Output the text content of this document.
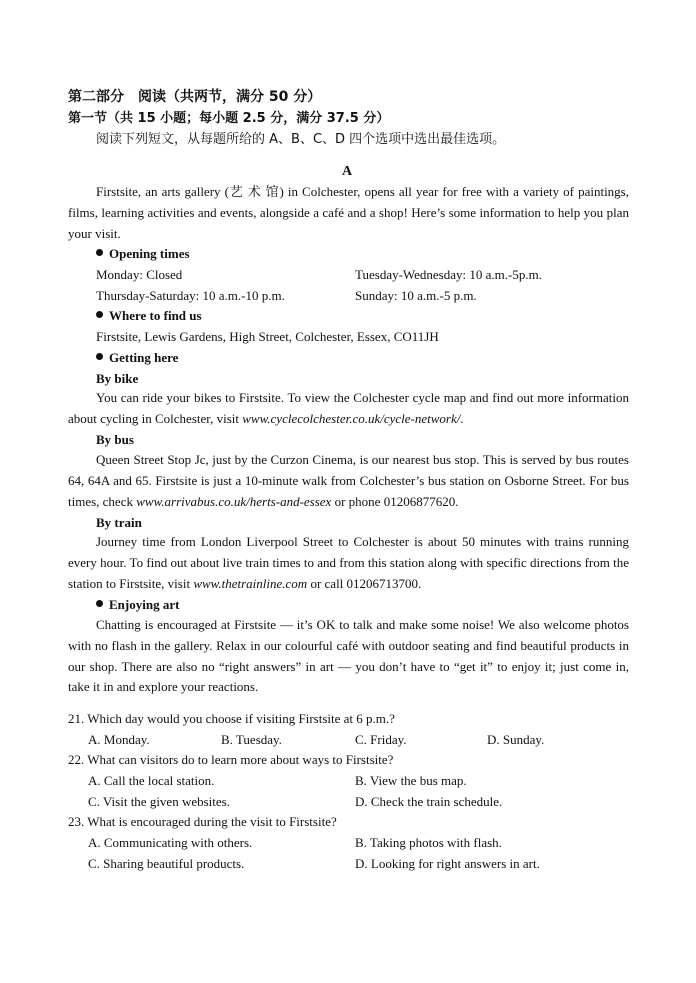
第二部分　阅读（共两节，满分 50 分）
第一节（共 15 小题；每小题 2.5 分，满分 37.5 分）
阅读下列短文，从每题所给的 A、B、C、D 四个选项中选出最佳选项。
A
Firstsite, an arts gallery (艺 术 馆) in Colchester, opens all year for free with a variety of paintings, films, learning activities and events, alongside a café and a shop! Here’s some information to help you plan your visit.
Opening times
Monday: Closed	Tuesday-Wednesday: 10 a.m.-5p.m.
Thursday-Saturday: 10 a.m.-10 p.m.	Sunday: 10 a.m.-5 p.m.
Where to find us
Firstsite, Lewis Gardens, High Street, Colchester, Essex, CO11JH
Getting here
By bike
You can ride your bikes to Firstsite. To view the Colchester cycle map and find out more information about cycling in Colchester, visit www.cyclecolchester.co.uk/cycle-network/.
By bus
Queen Street Stop Jc, just by the Curzon Cinema, is our nearest bus stop. This is served by bus routes 64, 64A and 65. Firstsite is just a 10-minute walk from Colchester’s bus station on Osborne Street. For bus times, check www.arrivabus.co.uk/herts-and-essex or phone 01206877620.
By train
Journey time from London Liverpool Street to Colchester is about 50 minutes with trains running every hour. To find out about live train times to and from this station along with specific directions from the station to Firstsite, visit www.thetrainline.com or call 01206713700.
Enjoying art
Chatting is encouraged at Firstsite — it’s OK to talk and make some noise! We also welcome photos with no flash in the gallery. Relax in our colourful café with outdoor seating and find beautiful products in our shop. There are also no “right answers” in art — you don’t have to “get it” to enjoy it; just come in, take it in and explore your reactions.
21. Which day would you choose if visiting Firstsite at 6 p.m.?
A. Monday.	B. Tuesday.	C. Friday.	D. Sunday.
22. What can visitors do to learn more about ways to Firstsite?
A. Call the local station.	B. View the bus map.
C. Visit the given websites.	D. Check the train schedule.
23. What is encouraged during the visit to Firstsite?
A. Communicating with others.	B. Taking photos with flash.
C. Sharing beautiful products.	D. Looking for right answers in art.
